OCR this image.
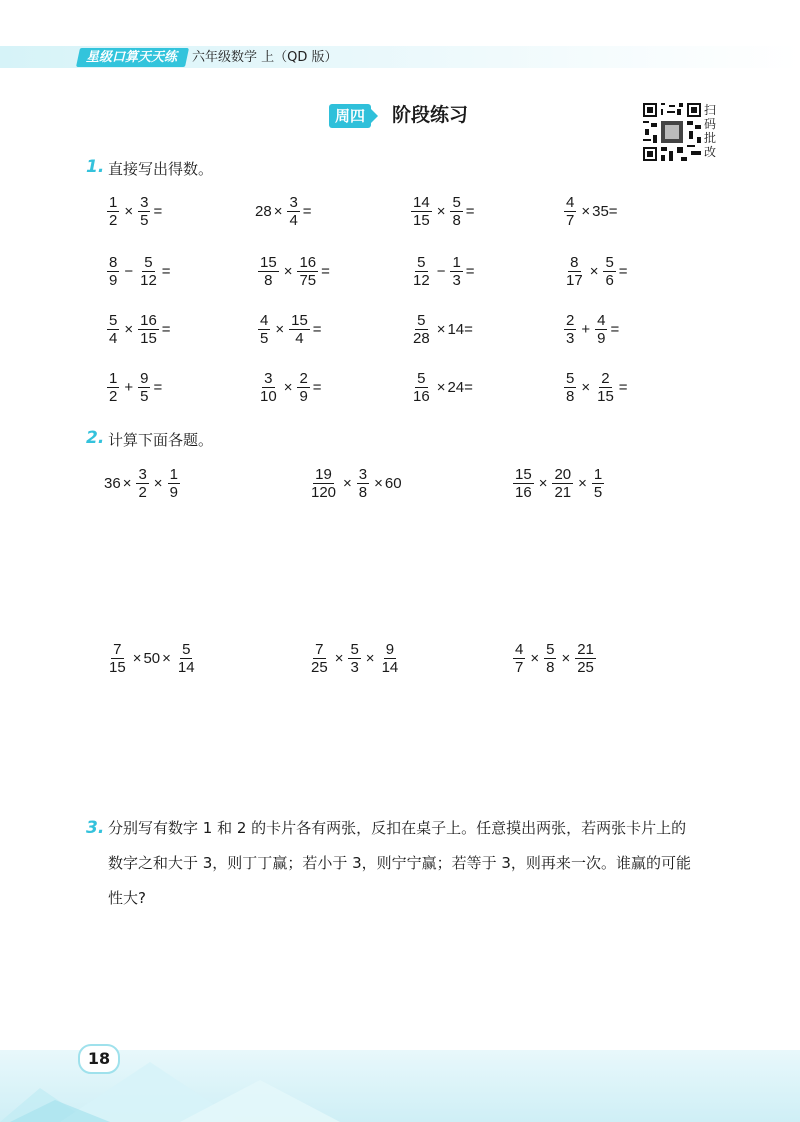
星级口算天天练	六年级数学 上（QD 版）
周四	阶段练习	扫码批改
1. 直接写出得数。
2. 计算下面各题。
3. 分别写有数字 1 和 2 的卡片各有两张，反扣在桌子上。任意摸出两张，若两张卡片上的
数字之和大于 3，则丁丁赢；若小于 3，则宁宁赢；若等于 3，则再来一次。谁赢的可能
性大?
18
$\frac{1}{2} \times \frac{3}{5}$ =	$28 \times \frac{3}{4}$ =	$\frac{14}{15} \times \frac{5}{8}$ =	$\frac{4}{7} \times 35=$
$\frac{8}{9} - \frac{5}{12}$ =	$\frac{15}{8} \times \frac{16}{75}$ =	$\frac{5}{12} - \frac{1}{3}$ =	$\frac{8}{17} \times \frac{5}{6}$ =
$\frac{5}{4} \times \frac{16}{15}$ =	$\frac{4}{5} \times \frac{15}{4}$ =	$\frac{5}{28} \times 14=$	$\frac{2}{3} + \frac{4}{9}$ =
$\frac{1}{2} + \frac{9}{5}$ =	$\frac{3}{10} \times \frac{2}{9}$ =	$\frac{5}{16} \times 24=$	$\frac{5}{8} \times \frac{2}{15}$ =
$36 \times \frac{3}{2} \times \frac{1}{9}$	$\frac{19}{120} \times \frac{3}{8} \times 60$	$\frac{15}{16} \times \frac{20}{21} \times \frac{1}{5}$
$\frac{7}{15} \times 50 \times \frac{5}{14}$	$\frac{7}{25} \times \frac{5}{3} \times \frac{9}{14}$	$\frac{4}{7} \times \frac{5}{8} \times \frac{21}{25}$
